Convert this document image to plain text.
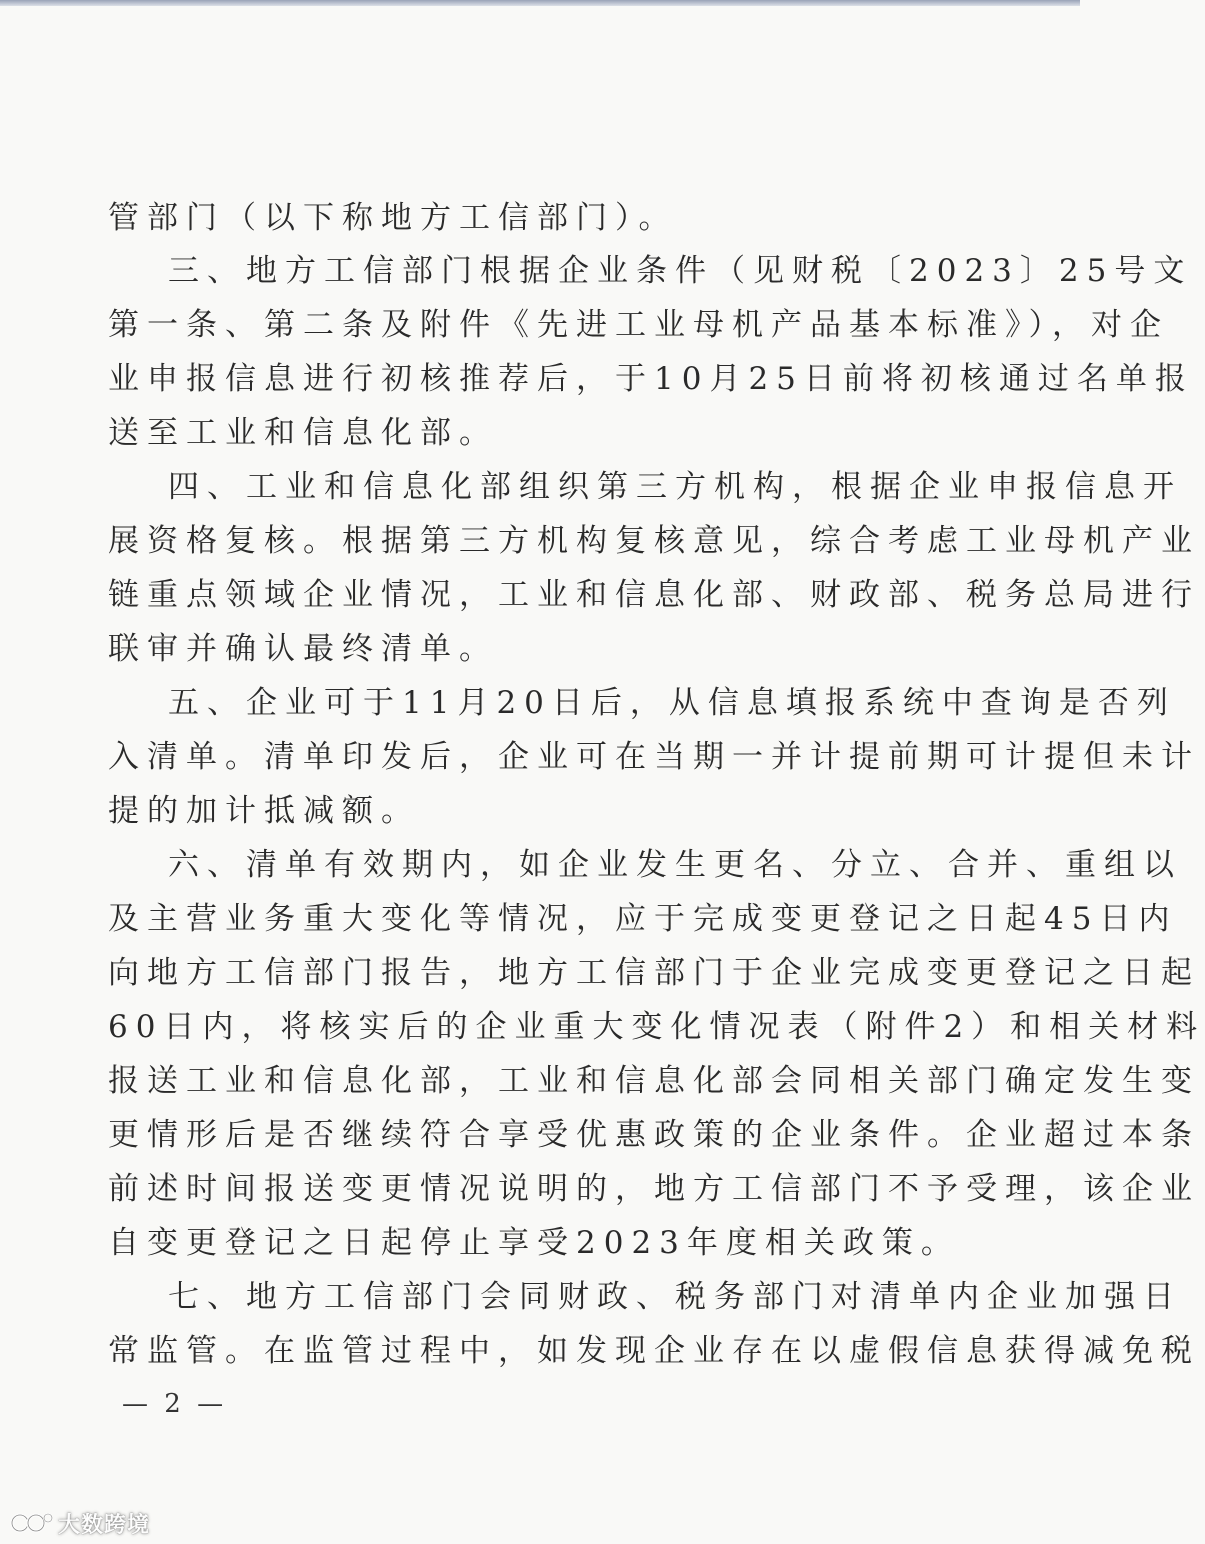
管部门（以下称地方工信部门）。
三、地方工信部门根据企业条件（见财税〔2023〕25号文
第一条、第二条及附件《先进工业母机产品基本标准》），对企
业申报信息进行初核推荐后，于10月25日前将初核通过名单报
送至工业和信息化部。
四、工业和信息化部组织第三方机构，根据企业申报信息开
展资格复核。根据第三方机构复核意见，综合考虑工业母机产业
链重点领域企业情况，工业和信息化部、财政部、税务总局进行
联审并确认最终清单。
五、企业可于11月20日后，从信息填报系统中查询是否列
入清单。清单印发后，企业可在当期一并计提前期可计提但未计
提的加计抵减额。
六、清单有效期内，如企业发生更名、分立、合并、重组以
及主营业务重大变化等情况，应于完成变更登记之日起45日内
向地方工信部门报告，地方工信部门于企业完成变更登记之日起
60日内，将核实后的企业重大变化情况表（附件2）和相关材料
报送工业和信息化部，工业和信息化部会同相关部门确定发生变
更情形后是否继续符合享受优惠政策的企业条件。企业超过本条
前述时间报送变更情况说明的，地方工信部门不予受理，该企业
自变更登记之日起停止享受2023年度相关政策。
七、地方工信部门会同财政、税务部门对清单内企业加强日
常监管。在监管过程中，如发现企业存在以虚假信息获得减免税
— 2 —
大数跨境
